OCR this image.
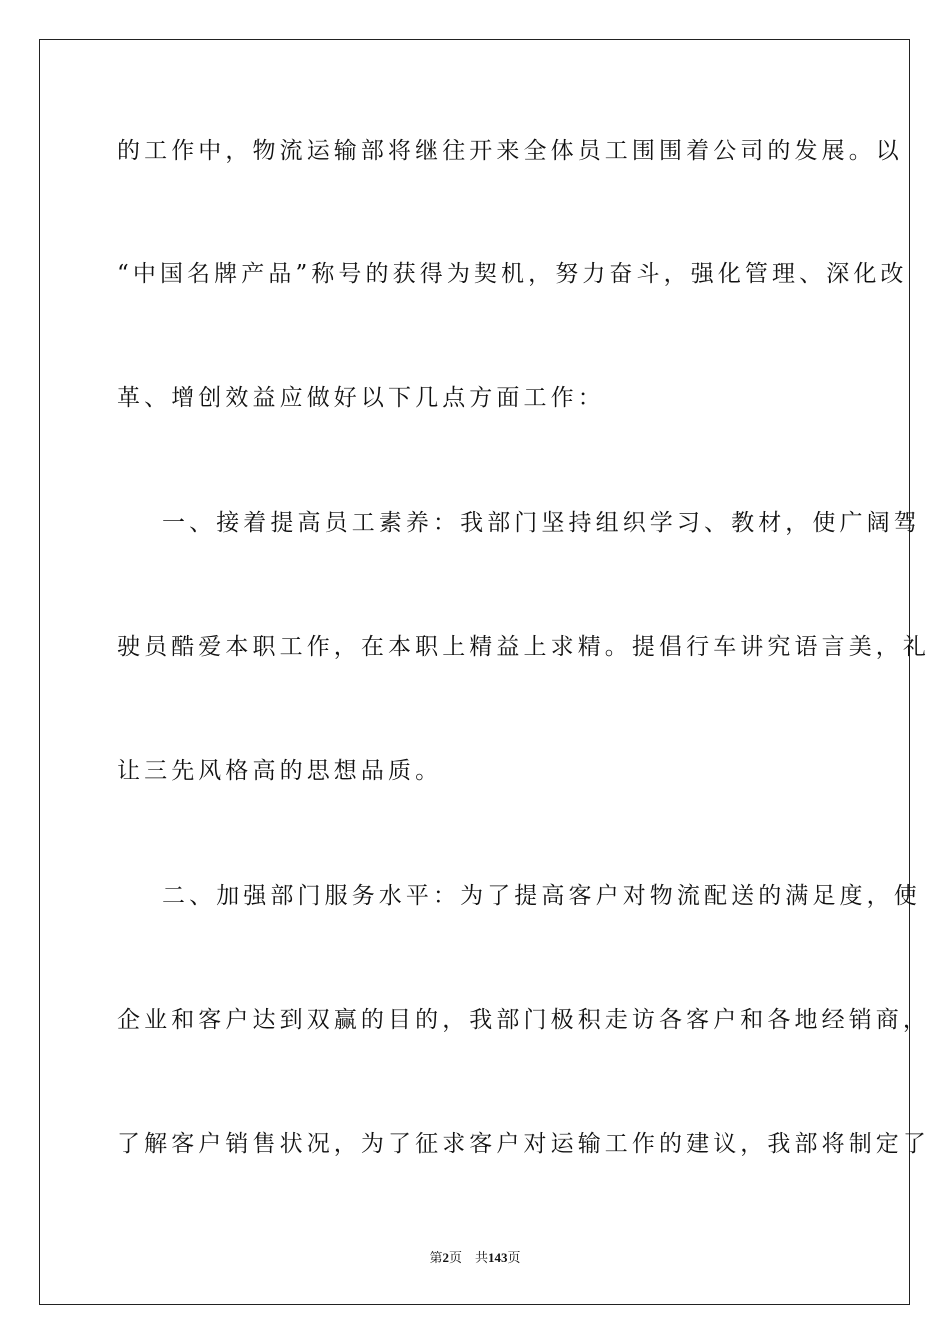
的工作中，物流运输部将继往开来全体员工围围着公司的发展。以
“中国名牌产品”称号的获得为契机，努力奋斗，强化管理、深化改
革、增创效益应做好以下几点方面工作：
一、接着提高员工素养：我部门坚持组织学习、教材，使广阔驾
驶员酷爱本职工作，在本职上精益上求精。提倡行车讲究语言美，礼
让三先风格高的思想品质。
二、加强部门服务水平：为了提高客户对物流配送的满足度，使
企业和客户达到双赢的目的，我部门极积走访各客户和各地经销商，
了解客户销售状况，为了征求客户对运输工作的建议，我部将制定了
第2页 共143页
